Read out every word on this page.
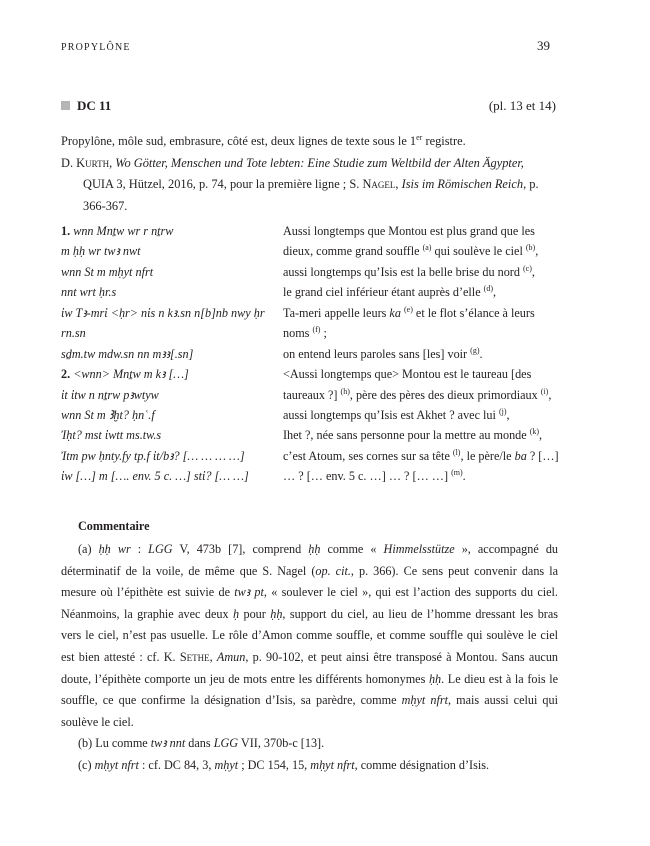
PROPYLÔNE	39
DC 11	(pl. 13 et 14)

Propylône, môle sud, embrasure, côté est, deux lignes de texte sous le 1er registre.

D. Kurth, Wo Götter, Menschen und Tote lebten: Eine Studie zum Weltbild der Alten Ägypter, QUIA 3, Hützel, 2016, p. 74, pour la première ligne ; S. Nagel, Isis im Römischen Reich, p. 366-367.

1. wnn Mnṯw wr r nṯrw
m ḥḥ wr twꜣ nwt
wnn St m mḥyt nfrt
nnt wrt ḥr.s
ἰw Tꜣ-mrἰ <ḥr> nἰs n kꜣ.sn n[b]nb nwy ḥr
rn.sn
sḏm.tw mdw.sn nn mꜣꜣ[.sn]
2. <wnn> Mnṯw m kꜣ […]
ἰt ἰtw n nṯrw pꜣwtyw
wnn St m Ꜣḫt? ḥnʿ.f
Ἰḥt? mst ἰwtt ms.tw.s
Ἰtm pw ḥnty.fy tp.f ἰt/bꜣ? [… … … …]
ἰw […] m […. env. 5 c. …] stἰ? [… …]
Aussi longtemps que Montou est plus grand que les
dieux, comme grand souffle $^{(a)}$ qui soulève le ciel $^{(b)}$,
aussi longtemps qu’Isis est la belle brise du nord $^{(c)}$,
le grand ciel inférieur étant auprès d’elle $^{(d)}$,
Ta-meri appelle leurs ka $^{(e)}$ et le flot s’élance à leurs
noms $^{(f)}$ ;
on entend leurs paroles sans [les] voir $^{(g)}$.
<Aussi longtemps que> Montou est le taureau [des
taureaux ?] $^{(h)}$, père des pères des dieux primordiaux $^{(i)}$,
aussi longtemps qu’Isis est Akhet ? avec lui $^{(j)}$,
Ihet ?, née sans personne pour la mettre au monde $^{(k)}$,
c’est Atoum, ses cornes sur sa tête $^{(l)}$, le père/le ba ? […]
… ? [… env. 5 c. …] … ? [… …] $^{(m)}$.
Commentaire

(a) ḥḥ wr : LGG V, 473b [7], comprend ḥḥ comme « Himmelsstütze », accompagné du déterminatif de la voile, de même que S. Nagel (op. cit., p. 366). Ce sens peut convenir dans la mesure où l’épithète est suivie de twꜣ pt, « soulever le ciel », qui est l’action des supports du ciel. Néanmoins, la graphie avec deux ḥ pour ḥḥ, support du ciel, au lieu de l’homme dressant les bras vers le ciel, n’est pas usuelle. Le rôle d’Amon comme souffle, et comme souffle qui soulève le ciel est bien attesté : cf. K. Sethe, Amun, p. 90-102, et peut ainsi être transposé à Montou. Sans aucun doute, l’épithète comporte un jeu de mots entre les différents homonymes ḥḥ. Le dieu est à la fois le souffle, ce que confirme la désignation d’Isis, sa parèdre, comme mḥyt nfrt, mais aussi celui qui soulève le ciel.

(b) Lu comme twꜣ nnt dans LGG VII, 370b-c [13].

(c) mḥyt nfrt : cf. DC 84, 3, mḥyt ; DC 154, 15, mḥyt nfrt, comme désignation d’Isis.
